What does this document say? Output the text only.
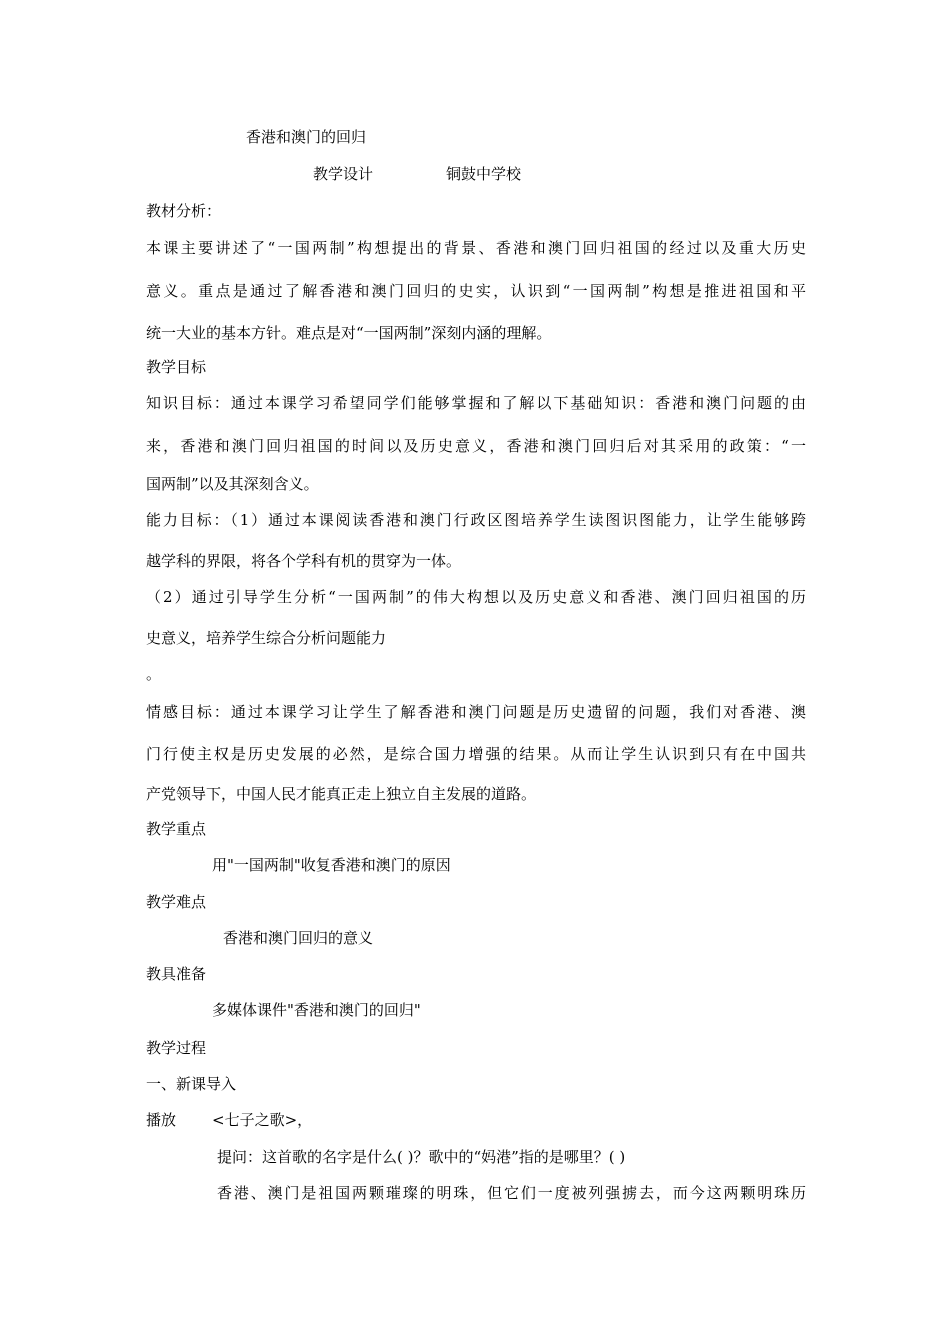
香港和澳门的回归

教学设计	铜鼓中学校

教材分析：

本课主要讲述了“一国两制”构想提出的背景、香港和澳门回归祖国的经过以及重大历史

意义。重点是通过了解香港和澳门回归的史实，认识到“一国两制”构想是推进祖国和平

统一大业的基本方针。难点是对“一国两制”深刻内涵的理解。

教学目标

知识目标：通过本课学习希望同学们能够掌握和了解以下基础知识：香港和澳门问题的由

来，香港和澳门回归祖国的时间以及历史意义，香港和澳门回归后对其采用的政策：“一

国两制”以及其深刻含义。

能力目标：（1）通过本课阅读香港和澳门行政区图培养学生读图识图能力，让学生能够跨

越学科的界限，将各个学科有机的贯穿为一体。

（2）通过引导学生分析“一国两制”的伟大构想以及历史意义和香港、澳门回归祖国的历

史意义，培养学生综合分析问题能力

。

情感目标：通过本课学习让学生了解香港和澳门问题是历史遗留的问题，我们对香港、澳

门行使主权是历史发展的必然，是综合国力增强的结果。从而让学生认识到只有在中国共

产党领导下，中国人民才能真正走上独立自主发展的道路。

教学重点

用"一国两制"收复香港和澳门的原因

教学难点

香港和澳门回归的意义

教具准备

多媒体课件"香港和澳门的回归"

教学过程

一、新课导入

播放 <七子之歌>，

提问：这首歌的名字是什么( )？歌中的“妈港”指的是哪里？( )

香港、澳门是祖国两颗璀璨的明珠，但它们一度被列强掳去，而今这两颗明珠历
